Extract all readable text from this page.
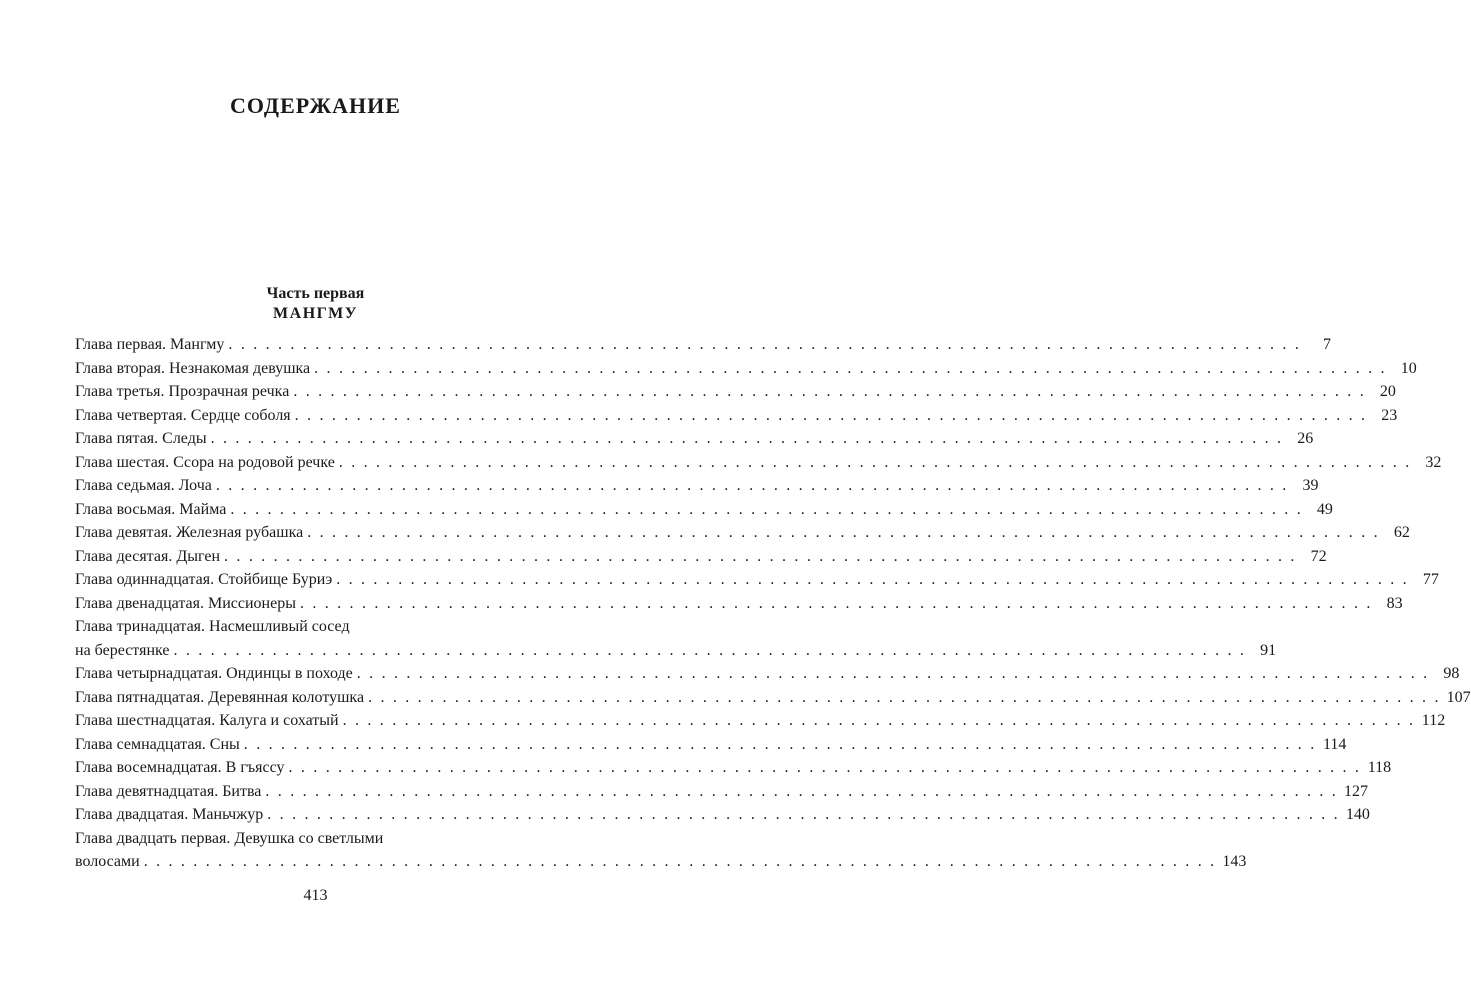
СОДЕРЖАНИЕ
Часть первая
МАНГМУ
Глава первая. Мангму . . . . . . . . . . . . . . . . . . . . . . . . . . . . . . . . . . . . . . . . . . . . . . . . . . . . . . . . . . . . . . . . . . . . . . . . . . . . . . . . . . . . . . .	7
Глава вторая. Незнакомая девушка . . . . . . . . . . . . . . . . . . . . . . . . . . . . . . . . . . . . . . . . . . . . . . . . . . . . . . . . . . . . . . . . . . . . . . . . . . . . . . . . . . . . . . . 10
Глава третья. Прозрачная речка . . . . . . . . . . . . . . . . . . . . . . . . . . . . . . . . . . . . . . . . . . . . . . . . . . . . . . . . . . . . . . . . . . . . . . . . . . . . . . . . . . . . . . . 20
Глава четвертая. Сердце соболя . . . . . . . . . . . . . . . . . . . . . . . . . . . . . . . . . . . . . . . . . . . . . . . . . . . . . . . . . . . . . . . . . . . . . . . . . . . . . . . . . . . . . . . 23
Глава пятая. Следы . . . . . . . . . . . . . . . . . . . . . . . . . . . . . . . . . . . . . . . . . . . . . . . . . . . . . . . . . . . . . . . . . . . . . . . . . . . . . . . . . . . . . . . 26
Глава шестая. Ссора на родовой речке . . . . . . . . . . . . . . . . . . . . . . . . . . . . . . . . . . . . . . . . . . . . . . . . . . . . . . . . . . . . . . . . . . . . . . . . . . . . . . . . . . . . . . . 32
Глава седьмая. Лоча . . . . . . . . . . . . . . . . . . . . . . . . . . . . . . . . . . . . . . . . . . . . . . . . . . . . . . . . . . . . . . . . . . . . . . . . . . . . . . . . . . . . . . . 39
Глава восьмая. Майма . . . . . . . . . . . . . . . . . . . . . . . . . . . . . . . . . . . . . . . . . . . . . . . . . . . . . . . . . . . . . . . . . . . . . . . . . . . . . . . . . . . . . . . 49
Глава девятая. Железная рубашка . . . . . . . . . . . . . . . . . . . . . . . . . . . . . . . . . . . . . . . . . . . . . . . . . . . . . . . . . . . . . . . . . . . . . . . . . . . . . . . . . . . . . . . 62
Глава десятая. Дыген . . . . . . . . . . . . . . . . . . . . . . . . . . . . . . . . . . . . . . . . . . . . . . . . . . . . . . . . . . . . . . . . . . . . . . . . . . . . . . . . . . . . . . . 72
Глава одиннадцатая. Стойбище Буриэ . . . . . . . . . . . . . . . . . . . . . . . . . . . . . . . . . . . . . . . . . . . . . . . . . . . . . . . . . . . . . . . . . . . . . . . . . . . . . . . . . . . . . . . 77
Глава двенадцатая. Миссионеры . . . . . . . . . . . . . . . . . . . . . . . . . . . . . . . . . . . . . . . . . . . . . . . . . . . . . . . . . . . . . . . . . . . . . . . . . . . . . . . . . . . . . . . 83
Глава тринадцатая. Насмешливый сосед
на берестянке . . . . . . . . . . . . . . . . . . . . . . . . . . . . . . . . . . . . . . . . . . . . . . . . . . . . . . . . . . . . . . . . . . . . . . . . . . . . . . . . . . . . . . . 91
Глава четырнадцатая. Ондинцы в походе . . . . . . . . . . . . . . . . . . . . . . . . . . . . . . . . . . . . . . . . . . . . . . . . . . . . . . . . . . . . . . . . . . . . . . . . . . . . . . . . . . . . . . . 98
Глава пятнадцатая. Деревянная колотушка . . . . . . . . . . . . . . . . . . . . . . . . . . . . . . . . . . . . . . . . . . . . . . . . . . . . . . . . . . . . . . . . . . . . . . . . . . . . . . . . . . . . . . . 107
Глава шестнадцатая. Калуга и сохатый . . . . . . . . . . . . . . . . . . . . . . . . . . . . . . . . . . . . . . . . . . . . . . . . . . . . . . . . . . . . . . . . . . . . . . . . . . . . . . . . . . . . . . . 112
Глава семнадцатая. Сны . . . . . . . . . . . . . . . . . . . . . . . . . . . . . . . . . . . . . . . . . . . . . . . . . . . . . . . . . . . . . . . . . . . . . . . . . . . . . . . . . . . . . . . 114
Глава восемнадцатая. В гъяссу . . . . . . . . . . . . . . . . . . . . . . . . . . . . . . . . . . . . . . . . . . . . . . . . . . . . . . . . . . . . . . . . . . . . . . . . . . . . . . . . . . . . . . . 118
Глава девятнадцатая. Битва . . . . . . . . . . . . . . . . . . . . . . . . . . . . . . . . . . . . . . . . . . . . . . . . . . . . . . . . . . . . . . . . . . . . . . . . . . . . . . . . . . . . . . . 127
Глава двадцатая. Маньчжур . . . . . . . . . . . . . . . . . . . . . . . . . . . . . . . . . . . . . . . . . . . . . . . . . . . . . . . . . . . . . . . . . . . . . . . . . . . . . . . . . . . . . . . 140
Глава двадцать первая. Девушка со светлыми
волосами . . . . . . . . . . . . . . . . . . . . . . . . . . . . . . . . . . . . . . . . . . . . . . . . . . . . . . . . . . . . . . . . . . . . . . . . . . . . . . . . . . . . . . . 143
413
